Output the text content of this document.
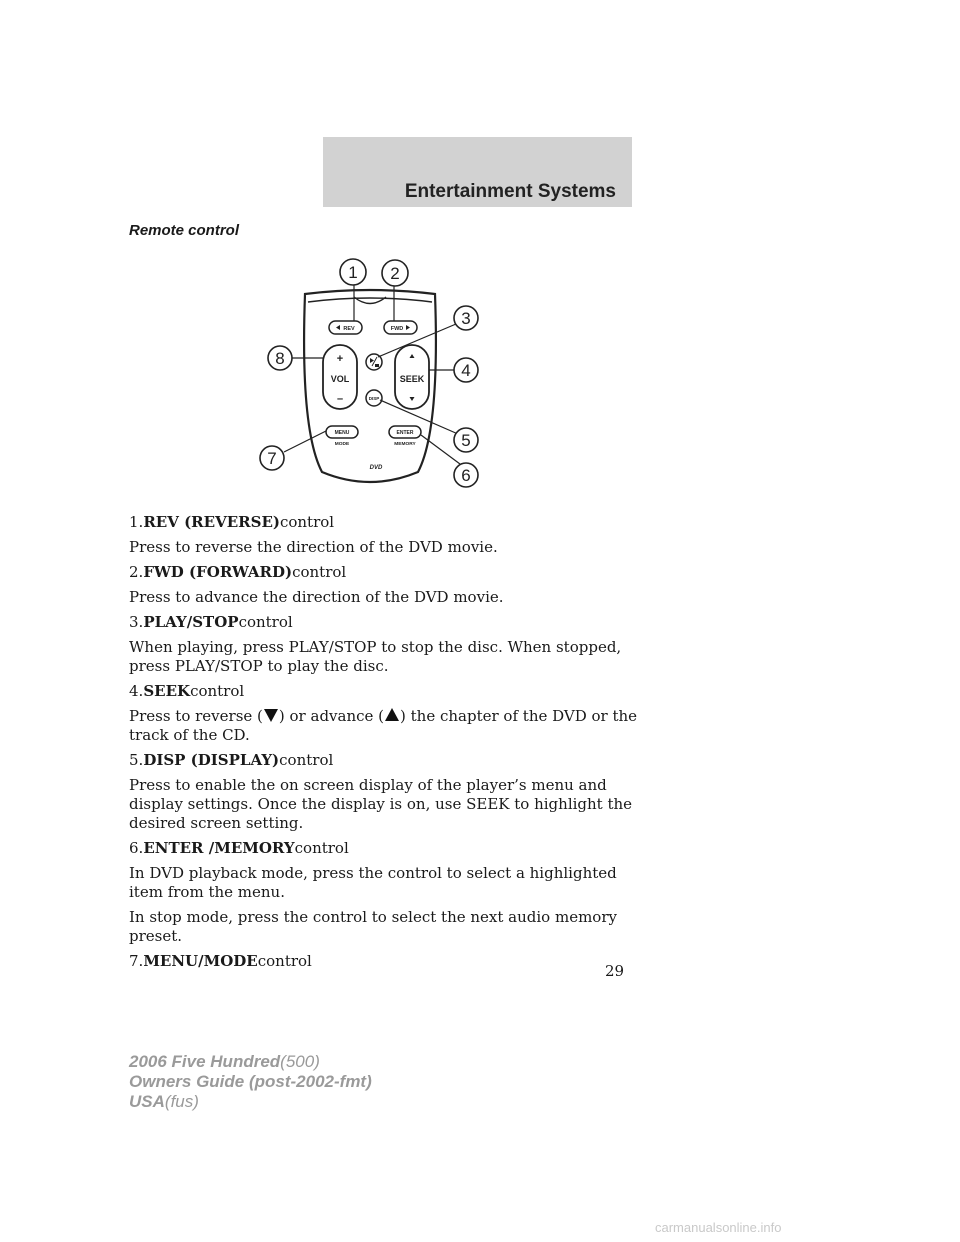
Entertainment Systems
Remote control
REV	FWD
+
VOL
–
SEEK
DISP
MENU
MODE
ENTER
MEMORY
DVD
1 2
3
4
5
6
7
8

1.REV (REVERSE)control

Press to reverse the direction of the DVD movie.

2.FWD (FORWARD)control

Press to advance the direction of the DVD movie.

3.PLAY/STOPcontrol

When playing, press PLAY/STOP to stop the disc. When stopped, press PLAY/STOP to play the disc.

4.SEEKcontrol

Press to reverse ( ) or advance ( ) the chapter of the DVD or the track of the CD.

5.DISP (DISPLAY)control

Press to enable the on screen display of the player’s menu and display settings. Once the display is on, use SEEK to highlight the desired screen setting.

6.ENTER /MEMORYcontrol

In DVD playback mode, press the control to select a highlighted item from the menu.

In stop mode, press the control to select the next audio memory preset.

7.MENU/MODEcontrol

29
2006 Five Hundred(500)
Owners Guide (post-2002-fmt)
USA(fus)
carmanualsonline.info
